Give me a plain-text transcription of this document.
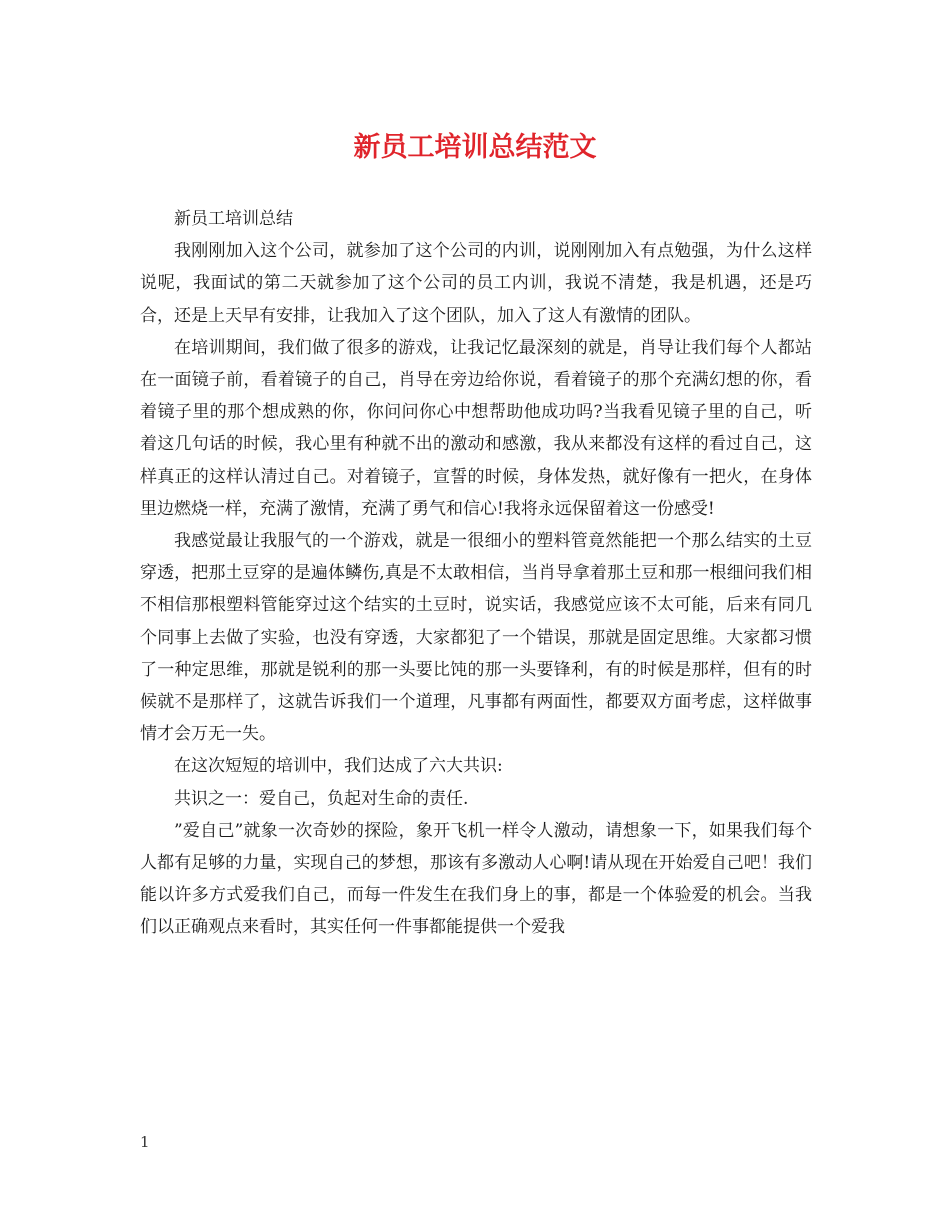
新员工培训总结范文

新员工培训总结

我刚刚加入这个公司，就参加了这个公司的内训，说刚刚加入有点勉强，为什么这样说呢，我面试的第二天就参加了这个公司的员工内训，我说不清楚，我是机遇，还是巧合，还是上天早有安排，让我加入了这个团队，加入了这人有激情的团队。

在培训期间，我们做了很多的游戏，让我记忆最深刻的就是，肖导让我们每个人都站在一面镜子前，看着镜子的自己，肖导在旁边给你说，看着镜子的那个充满幻想的你，看着镜子里的那个想成熟的你，你问问你心中想帮助他成功吗?当我看见镜子里的自己，听着这几句话的时候，我心里有种就不出的激动和感激，我从来都没有这样的看过自己，这样真正的这样认清过自己。对着镜子，宣誓的时候，身体发热，就好像有一把火，在身体里边燃烧一样，充满了激情，充满了勇气和信心!我将永远保留着这一份感受!

我感觉最让我服气的一个游戏，就是一很细小的塑料管竟然能把一个那么结实的土豆穿透，把那土豆穿的是遍体鳞伤,真是不太敢相信，当肖导拿着那土豆和那一根细问我们相不相信那根塑料管能穿过这个结实的土豆时，说实话，我感觉应该不太可能，后来有同几个同事上去做了实验，也没有穿透，大家都犯了一个错误，那就是固定思维。大家都习惯了一种定思维，那就是锐利的那一头要比饨的那一头要锋利，有的时候是那样，但有的时候就不是那样了，这就告诉我们一个道理，凡事都有两面性，都要双方面考虑，这样做事情才会万无一失。

在这次短短的培训中，我们达成了六大共识:

共识之一：爱自己，负起对生命的责任.

”爱自己”就象一次奇妙的探险，象开飞机一样令人激动，请想象一下，如果我们每个人都有足够的力量，实现自己的梦想，那该有多激动人心啊!请从现在开始爱自己吧！我们能以许多方式爱我们自己，而每一件发生在我们身上的事，都是一个体验爱的机会。当我们以正确观点来看时，其实任何一件事都能提供一个爱我

1
